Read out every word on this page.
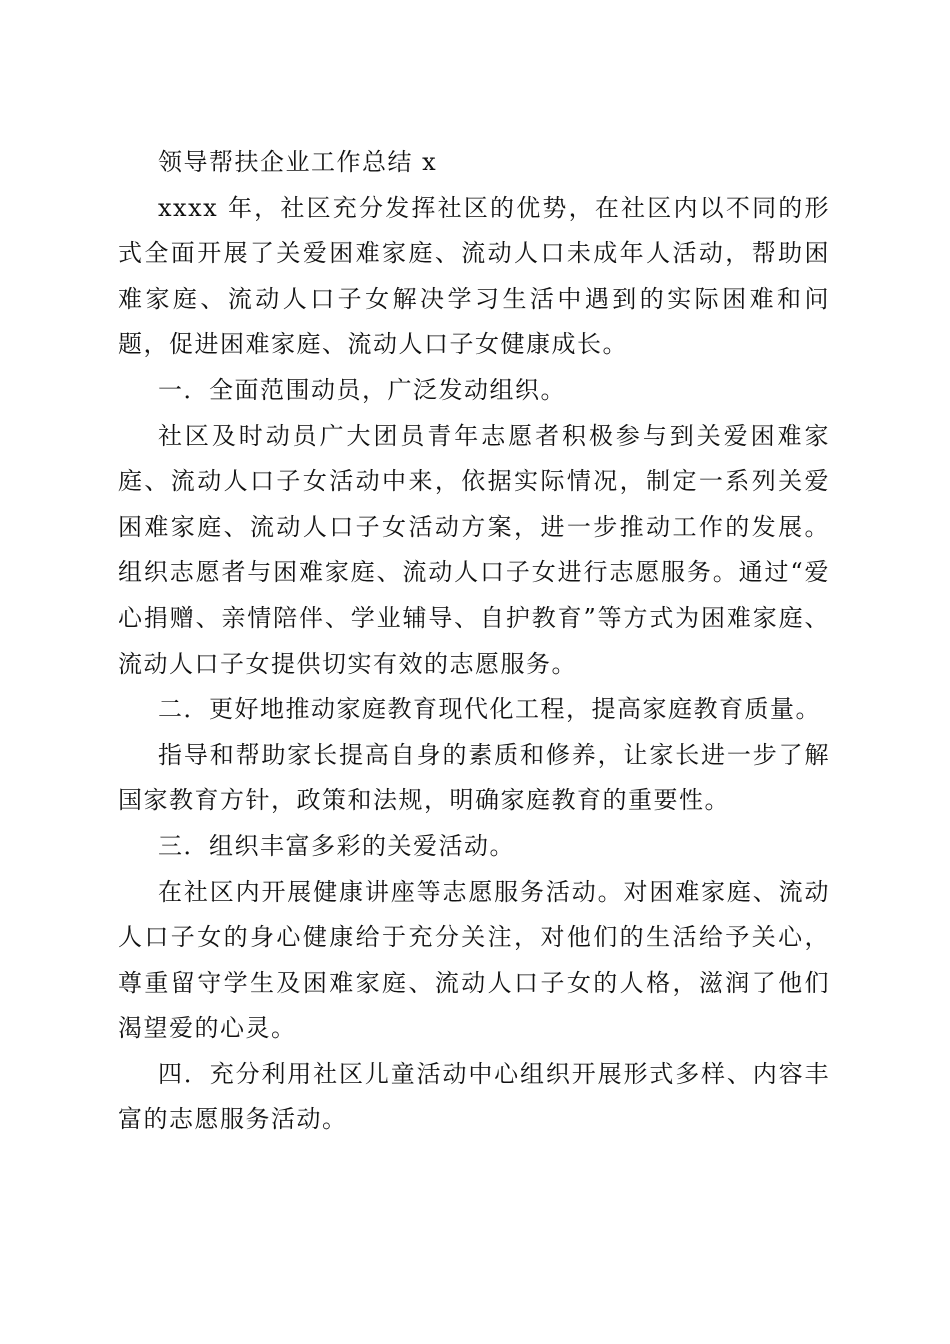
领导帮扶企业工作总结 x

xxxx 年，社区充分发挥社区的优势，在社区内以不同的形式全面开展了关爱困难家庭、流动人口未成年人活动，帮助困难家庭、流动人口子女解决学习生活中遇到的实际困难和问题，促进困难家庭、流动人口子女健康成长。

一．全面范围动员，广泛发动组织。

社区及时动员广大团员青年志愿者积极参与到关爱困难家庭、流动人口子女活动中来，依据实际情况，制定一系列关爱困难家庭、流动人口子女活动方案，进一步推动工作的发展。组织志愿者与困难家庭、流动人口子女进行志愿服务。通过“爱心捐赠、亲情陪伴、学业辅导、自护教育”等方式为困难家庭、流动人口子女提供切实有效的志愿服务。

二．更好地推动家庭教育现代化工程，提高家庭教育质量。

指导和帮助家长提高自身的素质和修养，让家长进一步了解国家教育方针，政策和法规，明确家庭教育的重要性。

三．组织丰富多彩的关爱活动。

在社区内开展健康讲座等志愿服务活动。对困难家庭、流动人口子女的身心健康给于充分关注，对他们的生活给予关心，尊重留守学生及困难家庭、流动人口子女的人格，滋润了他们渴望爱的心灵。

四．充分利用社区儿童活动中心组织开展形式多样、内容丰富的志愿服务活动。
